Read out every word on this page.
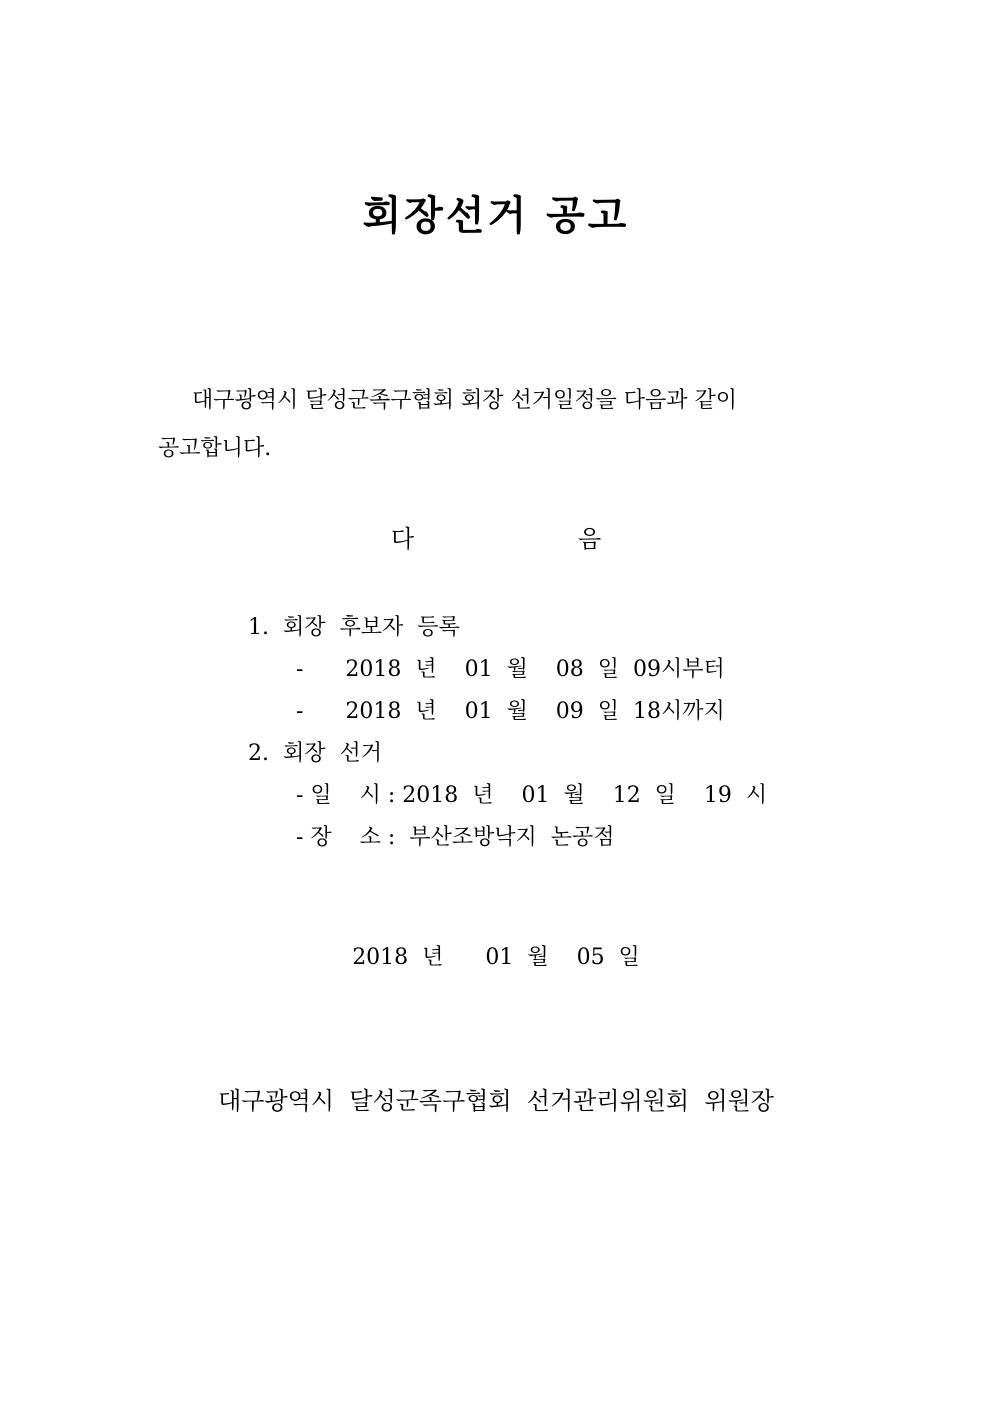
회장선거 공고
대구광역시 달성군족구협회 회장 선거일정을 다음과 같이
공고합니다.
다	음
1.  회장  후보자  등록
-      2018  년    01  월    08  일  09시부터
-      2018  년    01  월    09  일  18시까지
2.  회장  선거
- 일    시 : 2018  년    01  월    12  일    19  시
- 장    소 :  부산조방낙지  논공점
2018  년      01  월    05  일
대구광역시  달성군족구협회  선거관리위원회  위원장
